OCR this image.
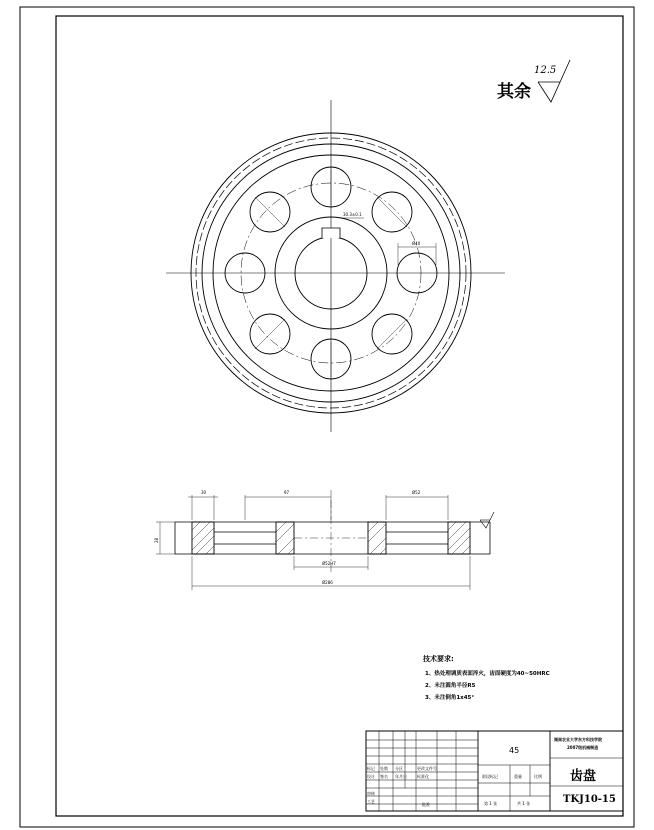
其余
12.5
30.3±0.1
Ø40
30	97	Ø52
28
Ø52H7
Ø286
技术要求:
1、热处理调质表面淬火，齿面硬度为40~50HRC
2、未注圆角半径R5
3、未注倒角1x45°
标记 处数 分区	更改文件号
设计 签名 年月日	标准化
审核
工艺
批准
45
湖南农业大学东方科技学院
2007级机械制造
齿盘
TKJ10-15
阶段标记	重量	比例
第 1 张	共 1 张
